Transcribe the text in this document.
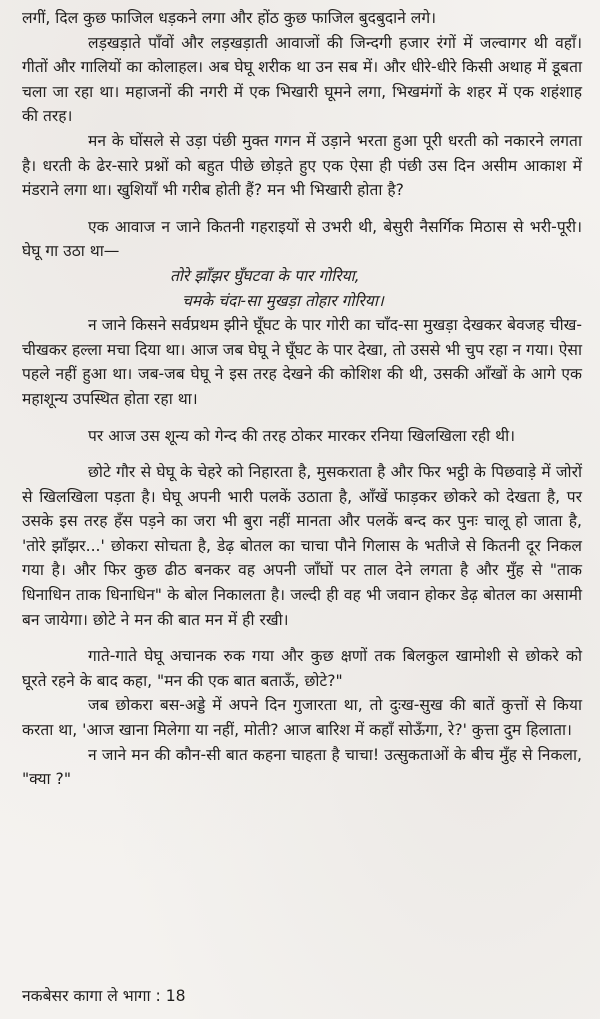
लगीं, दिल कुछ फाजिल धड़कने लगा और होंठ कुछ फाजिल बुदबुदाने लगे।

लड़खड़ाते पाँवों और लड़खड़ाती आवाजों की जिन्दगी हजार रंगों में जल्वागर थी वहाँ। गीतों और गालियों का कोलाहल। अब घेघू शरीक था उन सब में। और धीरे-धीरे किसी अथाह में डूबता चला जा रहा था। महाजनों की नगरी में एक भिखारी घूमने लगा, भिखमंगों के शहर में एक शहंशाह की तरह।

मन के घोंसले से उड़ा पंछी मुक्त गगन में उड़ाने भरता हुआ पूरी धरती को नकारने लगता है। धरती के ढेर-सारे प्रश्नों को बहुत पीछे छोड़ते हुए एक ऐसा ही पंछी उस दिन असीम आकाश में मंडराने लगा था। खुशियाँ भी गरीब होती हैं? मन भी भिखारी होता है?

एक आवाज न जाने कितनी गहराइयों से उभरी थी, बेसुरी नैसर्गिक मिठास से भरी-पूरी। घेघू गा उठा था—

तोरे झाँझर घुँघटवा के पार गोरिया,
चमके चंदा-सा मुखड़ा तोहार गोरिया।

न जाने किसने सर्वप्रथम झीने घूँघट के पार गोरी का चाँद-सा मुखड़ा देखकर बेवजह चीख-चीखकर हल्ला मचा दिया था। आज जब घेघू ने घूँघट के पार देखा, तो उससे भी चुप रहा न गया। ऐसा पहले नहीं हुआ था। जब-जब घेघू ने इस तरह देखने की कोशिश की थी, उसकी आँखों के आगे एक महाशून्य उपस्थित होता रहा था।

पर आज उस शून्य को गेन्द की तरह ठोकर मारकर रनिया खिलखिला रही थी।

छोटे गौर से घेघू के चेहरे को निहारता है, मुसकराता है और फिर भट्ठी के पिछवाड़े में जोरों से खिलखिला पड़ता है। घेघू अपनी भारी पलकें उठाता है, आँखें फाड़कर छोकरे को देखता है, पर उसके इस तरह हँस पड़ने का जरा भी बुरा नहीं मानता और पलकें बन्द कर पुनः चालू हो जाता है, 'तोरे झाँझर...' छोकरा सोचता है, डेढ़ बोतल का चाचा पौने गिलास के भतीजे से कितनी दूर निकल गया है। और फिर कुछ ढीठ बनकर वह अपनी जाँघों पर ताल देने लगता है और मुँह से "ताक धिनाधिन ताक धिनाधिन" के बोल निकालता है। जल्दी ही वह भी जवान होकर डेढ़ बोतल का असामी बन जायेगा। छोटे ने मन की बात मन में ही रखी।

गाते-गाते घेघू अचानक रुक गया और कुछ क्षणों तक बिलकुल खामोशी से छोकरे को घूरते रहने के बाद कहा, "मन की एक बात बताऊँ, छोटे?"

जब छोकरा बस-अड्डे में अपने दिन गुजारता था, तो दुःख-सुख की बातें कुत्तों से किया करता था, 'आज खाना मिलेगा या नहीं, मोती? आज बारिश में कहाँ सोऊँगा, रे?' कुत्ता दुम हिलाता।

न जाने मन की कौन-सी बात कहना चाहता है चाचा! उत्सुकताओं के बीच मुँह से निकला, "क्या ?"

नकबेसर कागा ले भागा : 18
